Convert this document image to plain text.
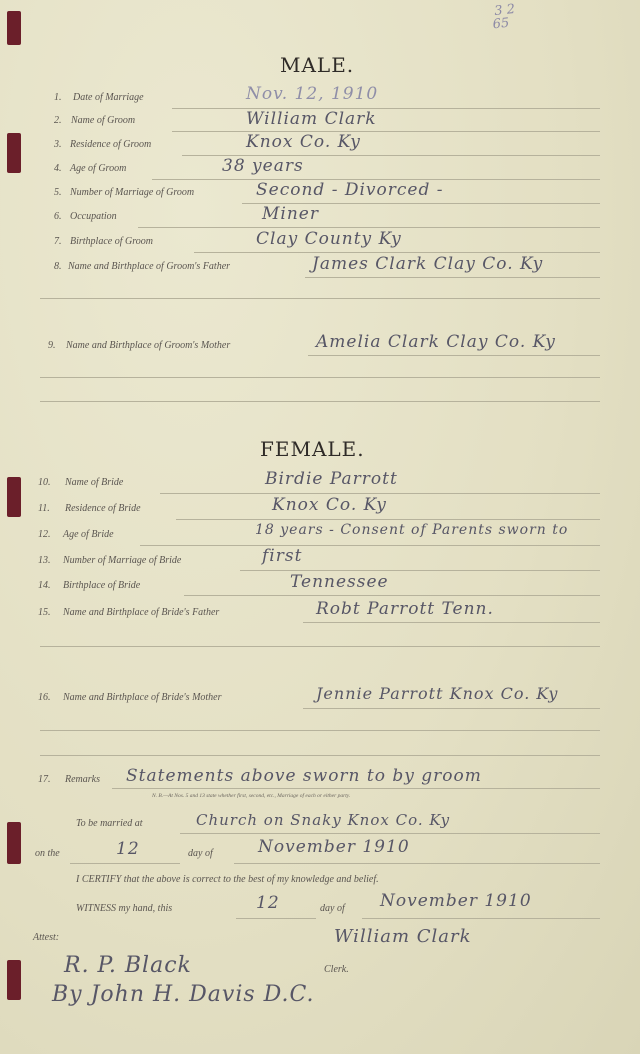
3 2
65
MALE.
1. Date of Marriage	Nov. 12, 1910
2. Name of Groom	William Clark
3. Residence of Groom	Knox Co. Ky
4. Age of Groom	38 years
5. Number of Marriage of Groom	Second - Divorced -
6. Occupation	Miner
7. Birthplace of Groom	Clay County Ky
8. Name and Birthplace of Groom's Father	James Clark Clay Co. Ky
9. Name and Birthplace of Groom's Mother	Amelia Clark Clay Co. Ky
FEMALE.
10. Name of Bride	Birdie Parrott
11. Residence of Bride	Knox Co. Ky
12. Age of Bride	18 years - Consent of Parents sworn to
13. Number of Marriage of Bride	first
14. Birthplace of Bride	Tennessee
15. Name and Birthplace of Bride's Father	Robt Parrott Tenn.
16. Name and Birthplace of Bride's Mother	Jennie Parrott Knox Co. Ky
17. Remarks Statements above sworn to by groom
N. B.—At Nos. 5 and 13 state whether first, second, etc., Marriage of each or either party.
To be married at	Church on Snaky Knox Co. Ky
on the	12	day of	November 1910
I CERTIFY that the above is correct to the best of my knowledge and belief.
WITNESS my hand, this	12	day of November 1910
William Clark
Attest:
R. P. Black	Clerk.
By John H. Davis D.C.
